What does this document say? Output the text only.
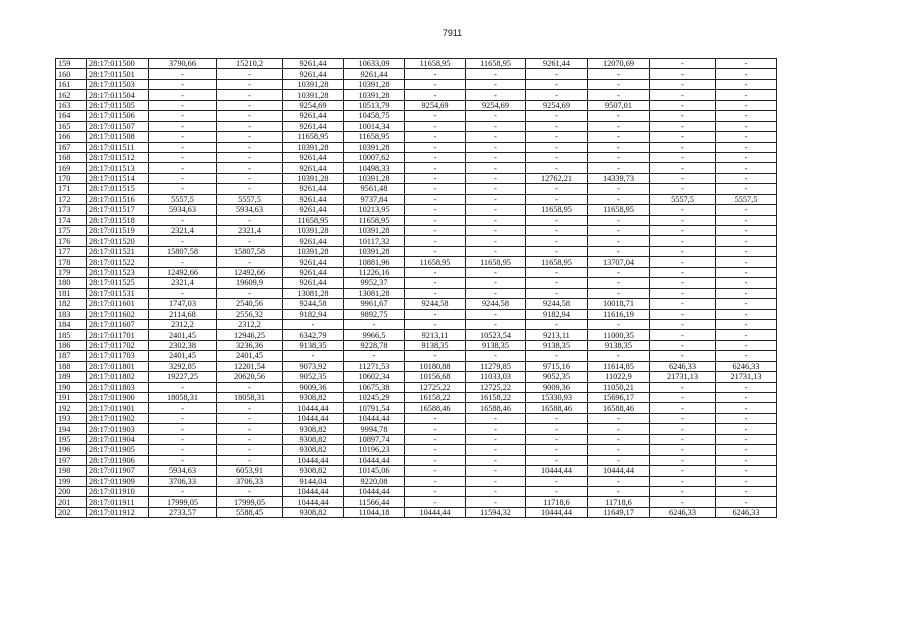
7911
159	28:17:011500	3790,66	15210,2	9261,44	10633,09	11658,95	11658,95	9261,44	12070,69	-	-
160	28:17:011501	-	-	9261,44	9261,44	-	-	-	-	-	-
161	28:17:011503	-	-	10391,28	10391,28	-	-	-	-	-	-
162	28:17:011504	-	-	10391,28	10391,28	-	-	-	-	-	-
163	28:17:011505	-	-	9254,69	10513,79	9254,69	9254,69	9254,69	9507,01	-	-
164	28:17:011506	-	-	9261,44	10458,75	-	-	-	-	-	-
165	28:17:011507	-	-	9261,44	10014,34	-	-	-	-	-	-
166	28:17:011508	-	-	11658,95	11658,95	-	-	-	-	-	-
167	28:17:011511	-	-	10391,28	10391,28	-	-	-	-	-	-
168	28:17:011512	-	-	9261,44	10007,62	-	-	-	-	-	-
169	28:17:011513	-	-	9261,44	10498,33	-	-	-	-	-	-
170	28:17:011514	-	-	10391,28	10391,28	-	-	12762,21	14339,73	-	-
171	28:17:011515	-	-	9261,44	9561,48	-	-	-	-	-	-
172	28:17:011516	5557,5	5557,5	9261,44	9737,84	-	-	-	-	5557,5	5557,5
173	28:17:011517	5934,63	5934,63	9261,44	10213,95	-	-	11658,95	11658,95	-	-
174	28:17:011518	-	-	11658,95	11658,95	-	-	-	-	-	-
175	28:17:011519	2321,4	2321,4	10391,28	10391,28	-	-	-	-	-	-
176	28:17:011520	-	-	9261,44	10117,32	-	-	-	-	-	-
177	28:17:011521	15807,58	15807,58	10391,28	10391,28	-	-	-	-	-	-
178	28:17:011522	-	-	9261,44	10881,96	11658,95	11658,95	11658,95	13707,04	-	-
179	28:17:011523	12492,66	12492,66	9261,44	11226,16	-	-	-	-	-	-
180	28:17:011525	2321,4	19609,9	9261,44	9952,37	-	-	-	-	-	-
181	28:17:011531	-	-	13081,28	13081,28	-	-	-	-	-	-
182	28:17:011601	1747,03	2540,56	9244,58	9961,67	9244,58	9244,58	9244,58	10018,71	-	-
183	28:17:011602	2114,68	2556,32	9182,94	9892,75	-	-	9182,94	11616,19	-	-
184	28:17:011607	2312,2	2312,2	-	-	-	-	-	-	-	-
185	28:17:011701	2401,45	12946,25	6342,79	9966,5	9213,11	10523,54	9213,11	11000,35	-	-
186	28:17:011702	2302,38	3236,36	9138,35	9228,78	9138,35	9138,35	9138,35	9138,35	-	-
187	28:17:011703	2401,45	2401,45	-	-	-	-	-	-	-	-
188	28:17:011801	3292,85	12201,54	9073,92	11271,53	10180,88	11279,85	9715,16	11614,85	6246,33	6246,33
189	28:17:011802	19227,25	20620,56	9052,35	10602,34	10156,68	11033,03	9052,35	11022,9	21731,13	21731,13
190	28:17:011803	-	-	9009,36	10675,38	12725,22	12725,22	9009,36	11050,21	-	-
191	28:17:011900	18058,31	18058,31	9308,82	10245,29	16158,22	16158,22	15330,93	15696,17	-	-
192	28:17:011901	-	-	10444,44	10791,54	16588,46	16588,46	16588,46	16588,46	-	-
193	28:17:011902	-	-	10444,44	10444,44	-	-	-	-	-	-
194	28:17:011903	-	-	9308,82	9994,78	-	-	-	-	-	-
195	28:17:011904	-	-	9308,82	10897,74	-	-	-	-	-	-
196	28:17:011905	-	-	9308,82	10196,23	-	-	-	-	-	-
197	28:17:011906	-	-	10444,44	10444,44	-	-	-	-	-	-
198	28:17:011907	5934,63	6053,91	9308,82	10145,06	-	-	10444,44	10444,44	-	-
199	28:17:011909	3706,33	3706,33	9144,04	9220,08	-	-	-	-	-	-
200	28:17:011910	-	-	10444,44	10444,44	-	-	-	-	-	-
201	28:17:011911	17999,05	17999,05	10444,44	11566,44	-	-	11718,6	11718,6	-	-
202	28:17:011912	2733,57	5588,45	9308,82	11044,18	10444,44	11594,32	10444,44	11649,17	6246,33	6246,33
